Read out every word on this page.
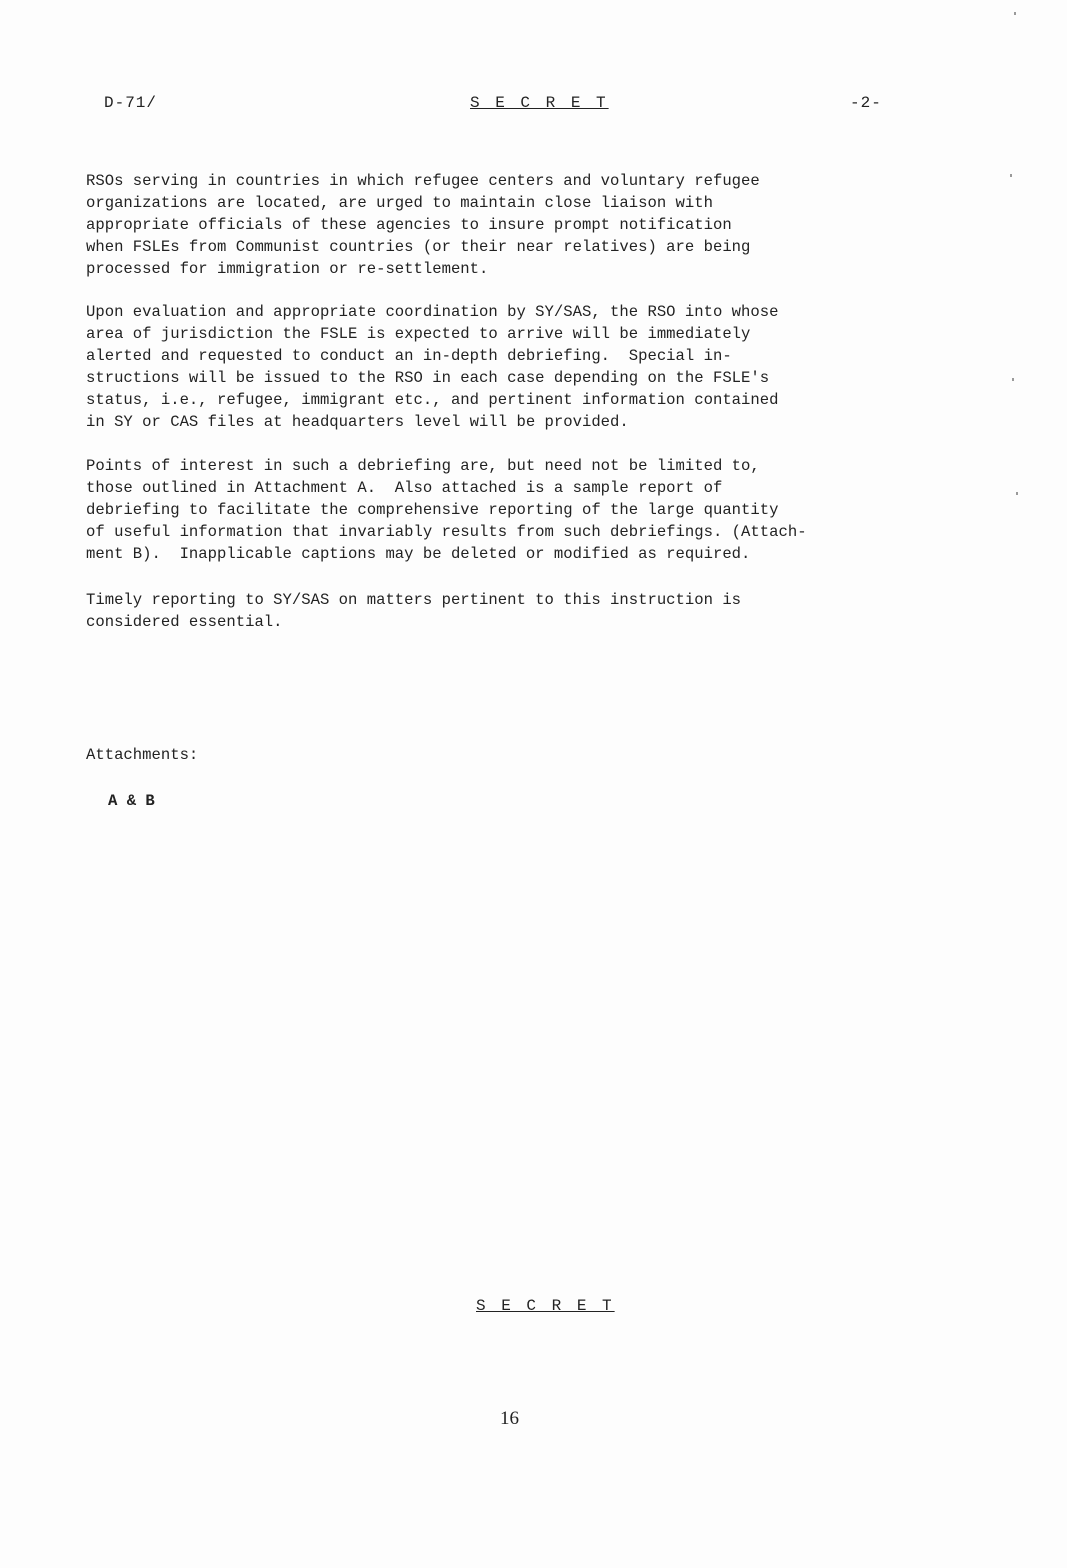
D-71/	S E C R E T	-2-
RSOs serving in countries in which refugee centers and voluntary refugee
organizations are located, are urged to maintain close liaison with
appropriate officials of these agencies to insure prompt notification
when FSLEs from Communist countries (or their near relatives) are being
processed for immigration or re-settlement.
Upon evaluation and appropriate coordination by SY/SAS, the RSO into whose
area of jurisdiction the FSLE is expected to arrive will be immediately
alerted and requested to conduct an in-depth debriefing.  Special in-
structions will be issued to the RSO in each case depending on the FSLE's
status, i.e., refugee, immigrant etc., and pertinent information contained
in SY or CAS files at headquarters level will be provided.
Points of interest in such a debriefing are, but need not be limited to,
those outlined in Attachment A.  Also attached is a sample report of
debriefing to facilitate the comprehensive reporting of the large quantity
of useful information that invariably results from such debriefings. (Attach-
ment B).  Inapplicable captions may be deleted or modified as required.
Timely reporting to SY/SAS on matters pertinent to this instruction is
considered essential.
Attachments:
A & B
S E C R E T
16
